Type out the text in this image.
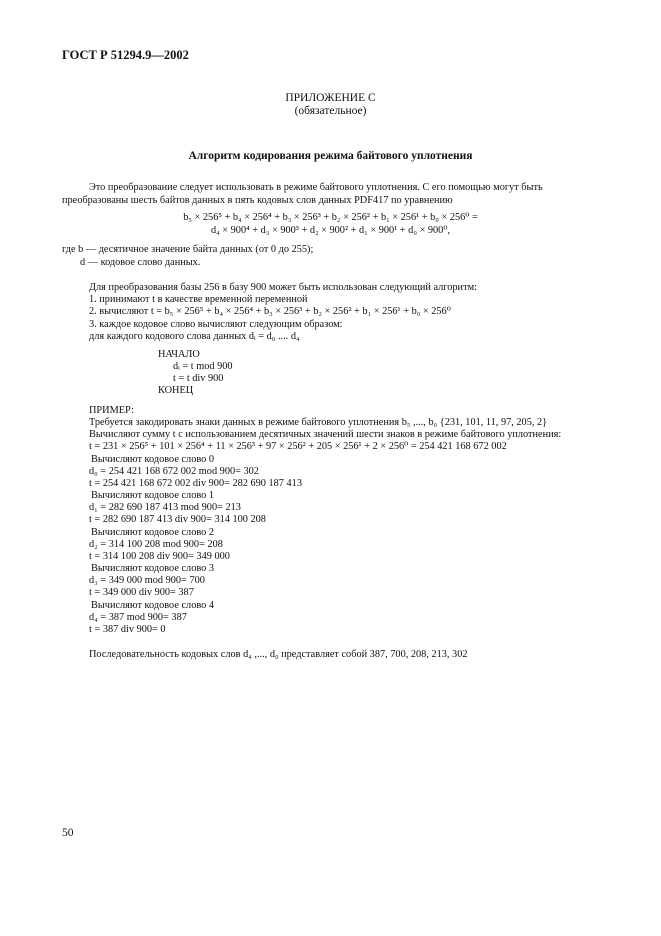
ГОСТ Р 51294.9—2002
ПРИЛОЖЕНИЕ С
(обязательное)
Алгоритм кодирования режима байтового уплотнения
Это преобразование следует использовать в режиме байтового уплотнения. С его помощью могут быть
преобразованы шесть байтов данных в пять кодовых слов данных PDF417 по уравнению
b₅ × 256⁵ + b₄ × 256⁴ + b₃ × 256³ + b₂ × 256² + b₁ × 256¹ + b₀ × 256⁰ =
d₄ × 900⁴ + d₃ × 900³ + d₂ × 900² + d₁ × 900¹ + d₀ × 900⁰,
где b — десятичное значение байта данных (от 0 до 255);
d — кодовое слово данных.
Для преобразования базы 256 в базу 900 может быть использован следующий алгоритм:
1. принимают t в качестве временной переменной
2. вычисляют t = b₅ × 256⁵ + b₄ × 256⁴ + b₃ × 256³ + b₂ × 256² + b₁ × 256¹ + b₀ × 256⁰
3. каждое кодовое слово вычисляют следующим образом:
для каждого кодового слова данных dᵢ = d₀ .... d₄
НАЧАЛО
dᵢ = t mod 900
t = t div 900
КОНЕЦ
ПРИМЕР:
Требуется закодировать знаки данных в режиме байтового уплотнения b₅ ,..., b₀ {231, 101, 11, 97, 205, 2}
Вычисляют сумму t с использованием десятичных значений шести знаков в режиме байтового уплотнения:
t = 231 × 256⁵ + 101 × 256⁴ + 11 × 256³ + 97 × 256² + 205 × 256¹ + 2 × 256⁰ = 254 421 168 672 002
Вычисляют кодовое слово 0
d₀ = 254 421 168 672 002 mod 900= 302
t = 254 421 168 672 002 div 900= 282 690 187 413
Вычисляют кодовое слово 1
d₁ = 282 690 187 413 mod 900= 213
t = 282 690 187 413 div 900= 314 100 208
Вычисляют кодовое слово 2
d₂ = 314 100 208 mod 900= 208
t = 314 100 208 div 900= 349 000
Вычисляют кодовое слово 3
d₃ = 349 000 mod 900= 700
t = 349 000 div 900= 387
Вычисляют кодовое слово 4
d₄ = 387 mod 900= 387
t = 387 div 900= 0
Последовательность кодовых слов d₄ ,..., d₀ представляет собой 387, 700, 208, 213, 302
50
